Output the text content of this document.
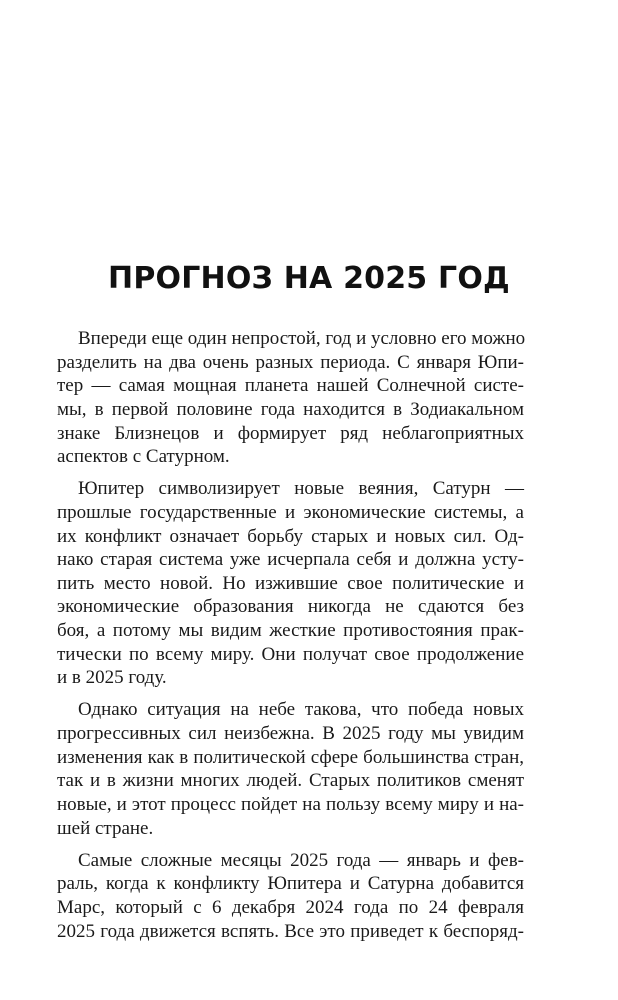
ПРОГНОЗ НА 2025 ГОД
Впереди еще один непростой, год и условно его можно
разделить на два очень разных периода. С января Юпи-
тер — самая мощная планета нашей Солнечной систе-
мы, в первой половине года находится в Зодиакальном
знаке Близнецов и формирует ряд неблагоприятных
аспектов с Сатурном.
Юпитер символизирует новые веяния, Сатурн —
прошлые государственные и экономические системы, а
их конфликт означает борьбу старых и новых сил. Од-
нако старая система уже исчерпала себя и должна усту-
пить место новой. Но изжившие свое политические и
экономические образования никогда не сдаются без
боя, а потому мы видим жесткие противостояния прак-
тически по всему миру. Они получат свое продолжение
и в 2025 году.
Однако ситуация на небе такова, что победа новых
прогрессивных сил неизбежна. В 2025 году мы увидим
изменения как в политической сфере большинства стран,
так и в жизни многих людей. Старых политиков сменят
новые, и этот процесс пойдет на пользу всему миру и на-
шей стране.
Самые сложные месяцы 2025 года — январь и фев-
раль, когда к конфликту Юпитера и Сатурна добавится
Марс, который с 6 декабря 2024 года по 24 февраля
2025 года движется вспять. Все это приведет к беспоряд-
